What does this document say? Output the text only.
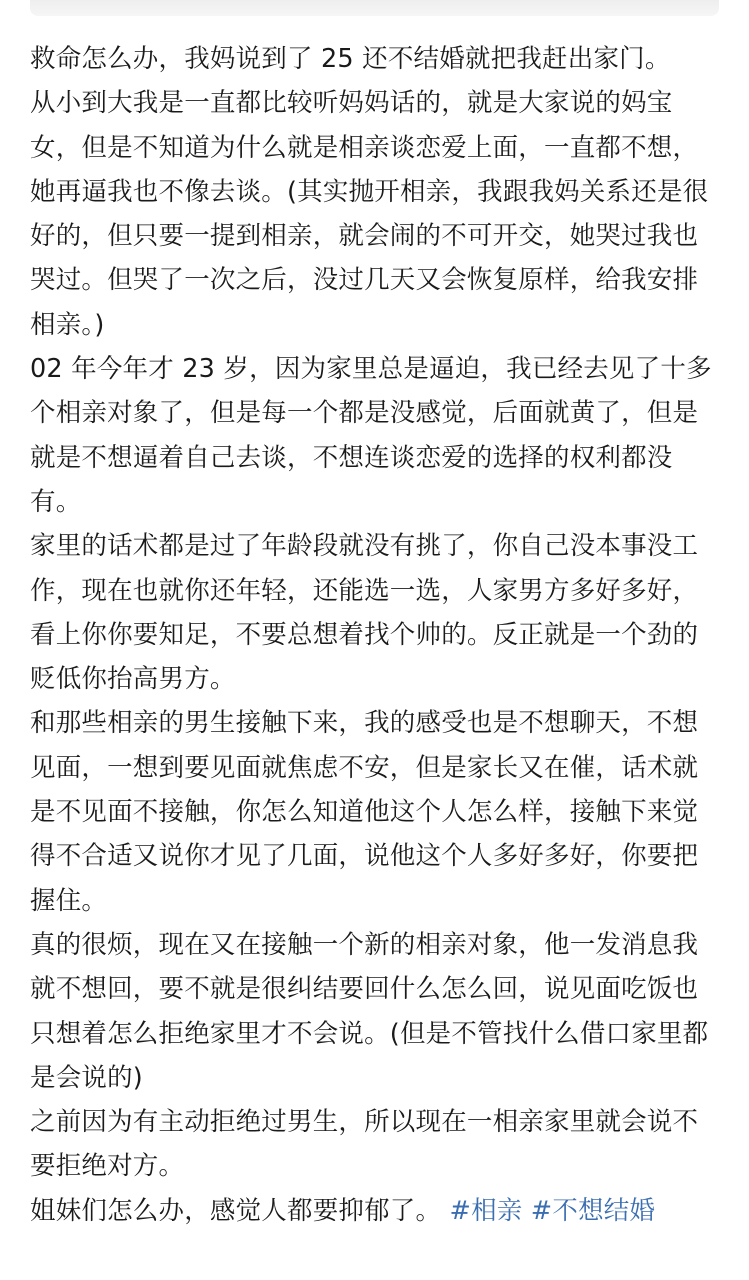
救命怎么办，我妈说到了 25 还不结婚就把我赶出家门。

从小到大我是一直都比较听妈妈话的，就是大家说的妈宝女，但是不知道为什么就是相亲谈恋爱上面，一直都不想，她再逼我也不像去谈。(其实抛开相亲，我跟我妈关系还是很好的，但只要一提到相亲，就会闹的不可开交，她哭过我也哭过。但哭了一次之后，没过几天又会恢复原样，给我安排相亲。)

02 年今年才 23 岁，因为家里总是逼迫，我已经去见了十多个相亲对象了，但是每一个都是没感觉，后面就黄了，但是就是不想逼着自己去谈，不想连谈恋爱的选择的权利都没有。

家里的话术都是过了年龄段就没有挑了，你自己没本事没工作，现在也就你还年轻，还能选一选，人家男方多好多好，看上你你要知足，不要总想着找个帅的。反正就是一个劲的贬低你抬高男方。

和那些相亲的男生接触下来，我的感受也是不想聊天，不想见面，一想到要见面就焦虑不安，但是家长又在催，话术就是不见面不接触，你怎么知道他这个人怎么样，接触下来觉得不合适又说你才见了几面，说他这个人多好多好，你要把握住。

真的很烦，现在又在接触一个新的相亲对象，他一发消息我就不想回，要不就是很纠结要回什么怎么回，说见面吃饭也只想着怎么拒绝家里才不会说。(但是不管找什么借口家里都是会说的)

之前因为有主动拒绝过男生，所以现在一相亲家里就会说不要拒绝对方。

姐妹们怎么办，感觉人都要抑郁了。 #相亲 #不想结婚
